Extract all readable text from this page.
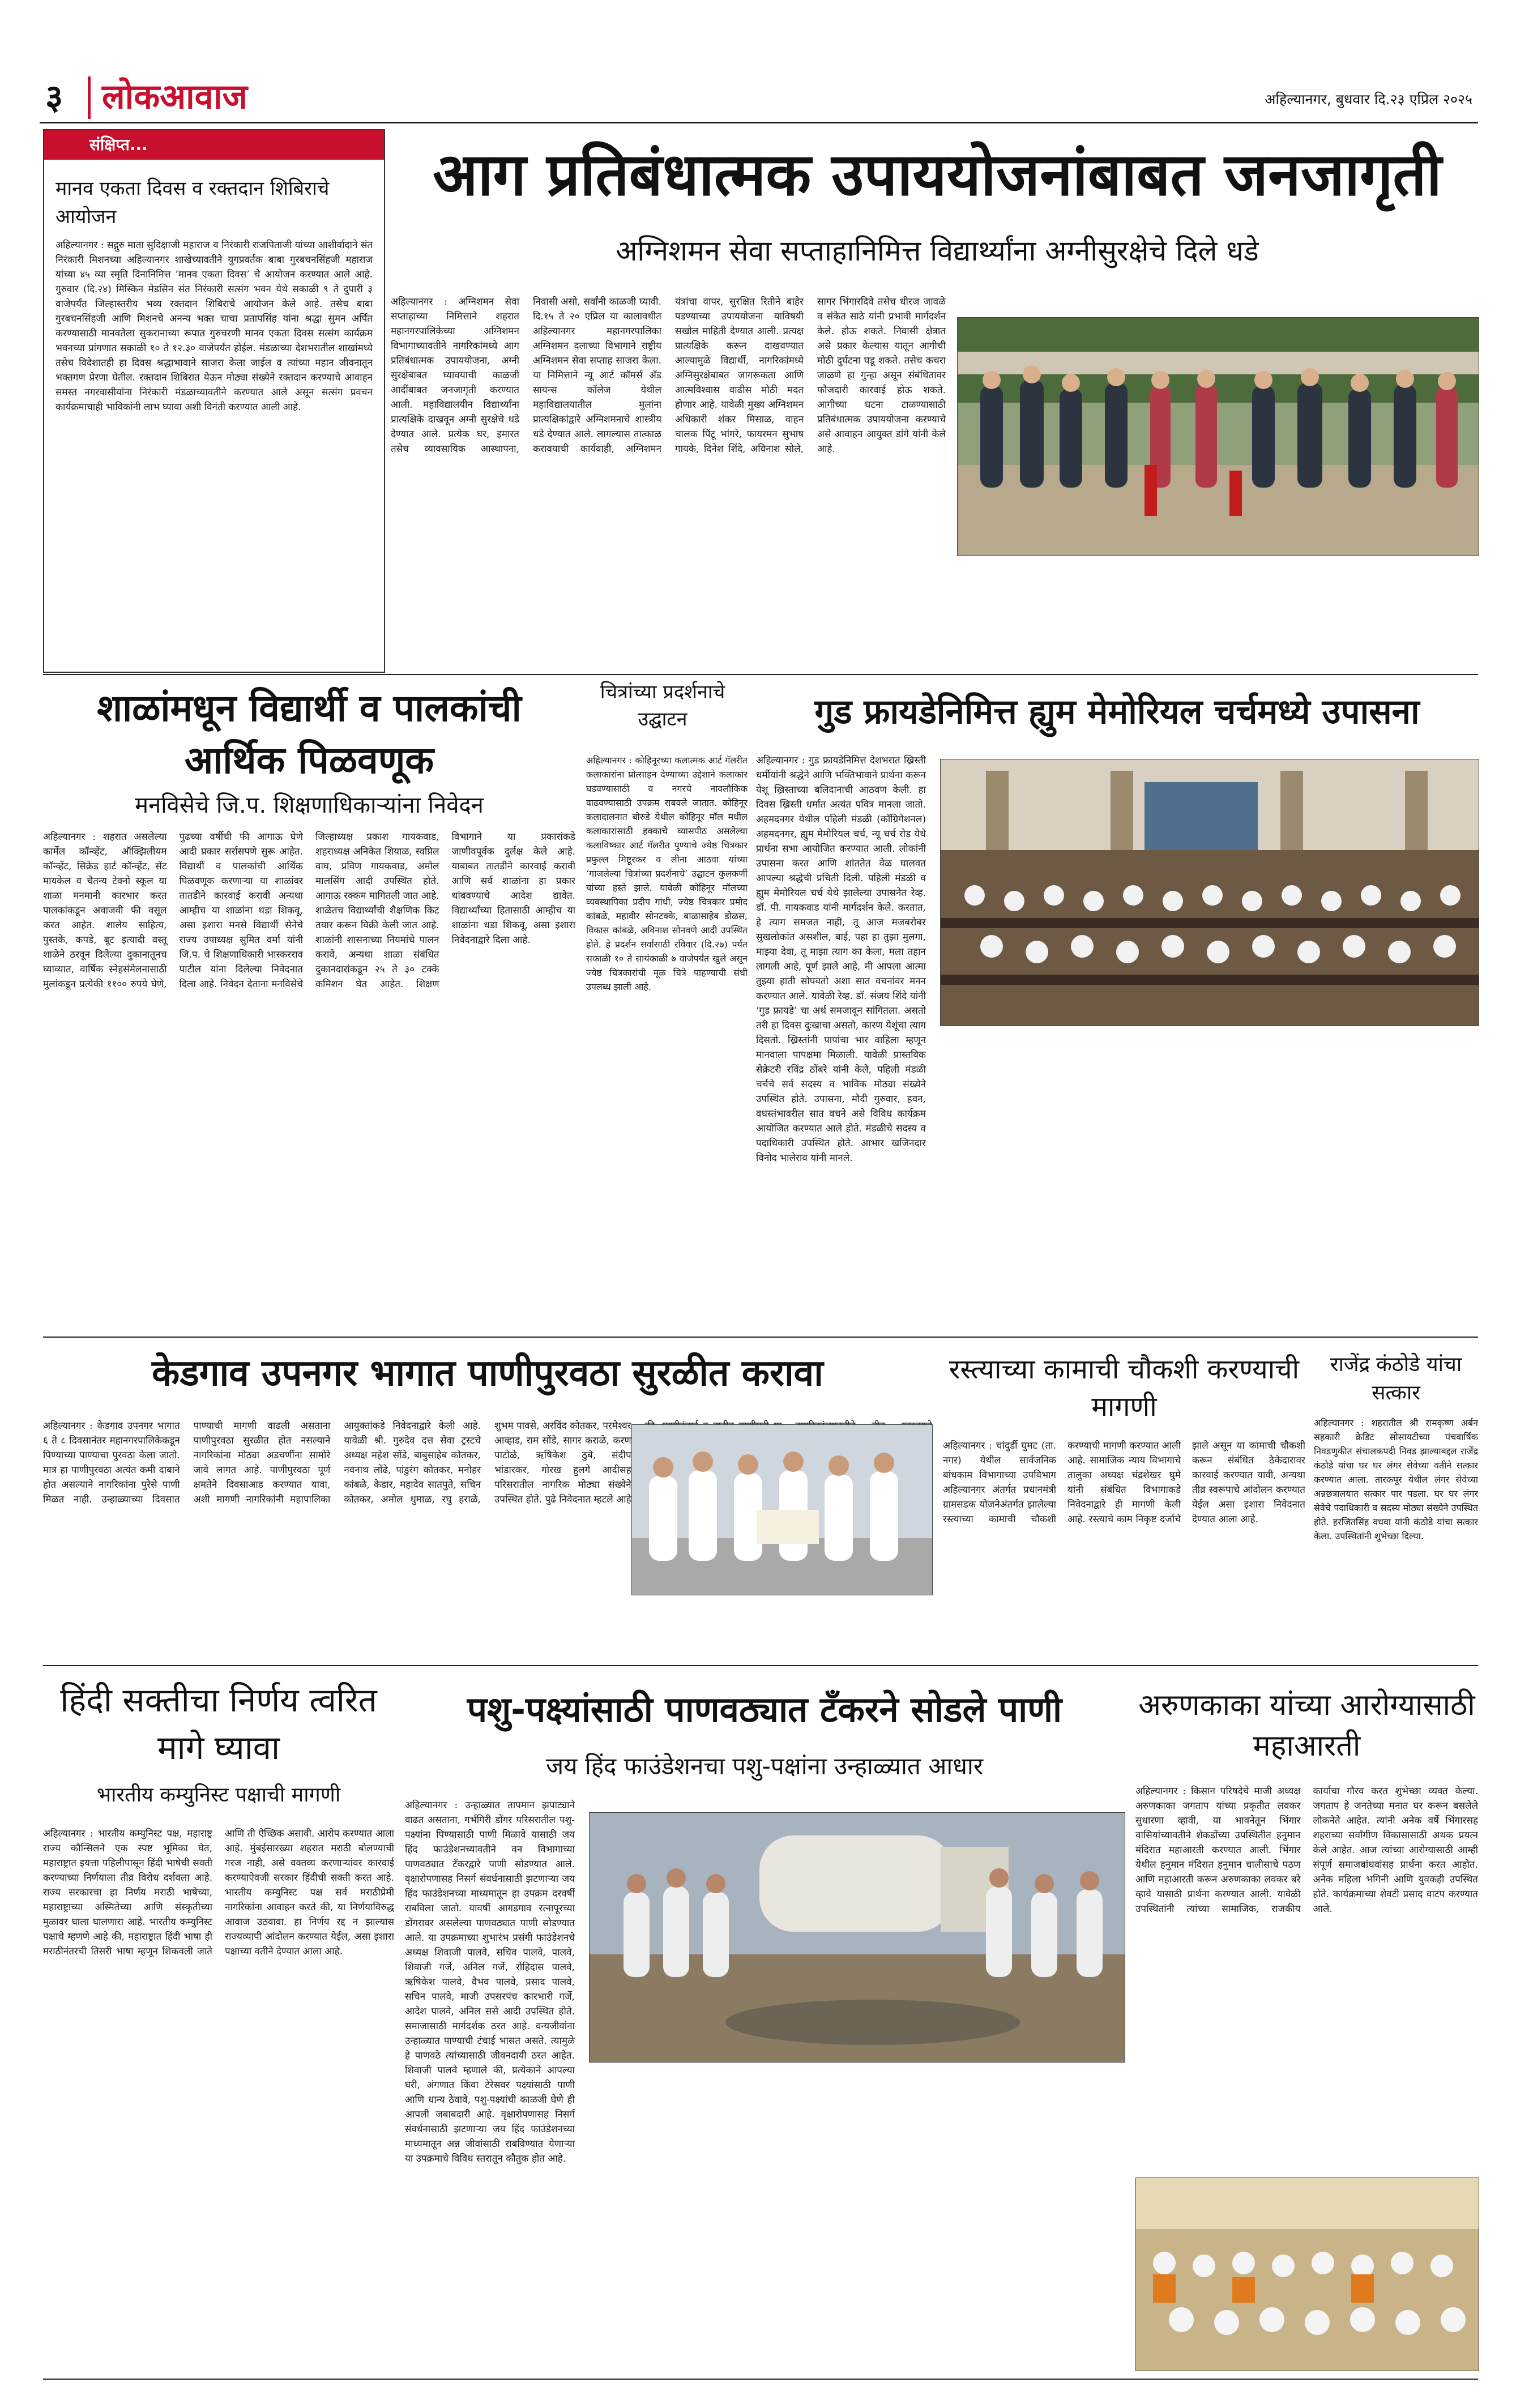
३ लोकआवाज	अहिल्यानगर, बुधवार दि.२३ एप्रिल २०२५
संक्षिप्त...
मानव एकता दिवस व रक्तदान शिबिराचे आयोजन
अहिल्यानगर : सद्गुरु माता सुदिक्षाजी महाराज व निरंकारी राजपिताजी यांच्या आशीर्वादाने संत निरंकारी मिशनच्या अहिल्यानगर शाखेच्यावतीने युगप्रवर्तक बाबा गुरबचनसिंहजी महाराज यांच्या ४५ व्या स्मृति दिनानिमित्त ‘मानव एकता दिवस’ चे आयोजन करण्यात आले आहे. गुरुवार (दि.२४) मिस्किन मेडसिन संत निरंकारी सत्संग भवन येथे सकाळी ९ ते दुपारी ३ वाजेपर्यंत जिल्हास्तरीय भव्य रक्तदान शिबिराचे आयोजन केले आहे. तसेच बाबा गुरबचनसिंहजी आणि मिशनचे अनन्य भक्त चाचा प्रतापसिंह यांना श्रद्धा सुमन अर्पित करण्यासाठी मानवतेला सुकरानाच्या रूपात गुरुचरणी मानव एकता दिवस सत्संग कार्यक्रम भवनच्या प्रांगणात सकाळी १० ते १२.३० वाजेपर्यंत होईल. मंडळाच्या देशभरातील शाखांमध्ये तसेच विदेशातही हा दिवस श्रद्धाभावाने साजरा केला जाईल व त्यांच्या महान जीवनातून भक्तगण प्रेरणा घेतील. रक्तदान शिबिरात येऊन मोठ्या संख्येने रक्तदान करण्याचे आवाहन समस्त नगरवासीयांना निरंकारी मंडळाच्यावतीने करण्यात आले असून सत्संग प्रवचन कार्यक्रमाचाही भाविकांनी लाभ घ्यावा अशी विनंती करण्यात आली आहे.
आग प्रतिबंधात्मक उपाययोजनांबाबत जनजागृती
अग्निशमन सेवा सप्ताहानिमित्त विद्यार्थ्यांना अग्नीसुरक्षेचे दिले धडे
अहिल्यानगर : अग्निशमन सेवा सप्ताहाच्या निमित्ताने शहरात महानगरपालिकेच्या अग्निशमन विभागाच्यावतीने नागरिकांमध्ये आग प्रतिबंधात्मक उपाययोजना, अग्नी सुरक्षेबाबत घ्यावयाची काळजी आदींबाबत जनजागृती करण्यात आली. महाविद्यालयीन विद्यार्थ्यांना प्रात्यक्षिके दाखवून अग्नी सुरक्षेचे धडे देण्यात आले. प्रत्येक घर, इमारत तसेच व्यावसायिक आस्थापना, निवासी असो, सर्वांनी काळजी घ्यावी. दि.१५ ते २० एप्रिल या कालावधीत अहिल्यानगर महानगरपालिका अग्निशमन दलाच्या विभागाने राष्ट्रीय अग्निशमन सेवा सप्ताह साजरा केला. या निमित्ताने न्यू आर्ट कॉमर्स अँड सायन्स कॉलेज येथील महाविद्यालयातील मुलांना प्रात्यक्षिकांद्वारे अग्निशमनाचे शास्त्रीय धडे देण्यात आले. लागल्यास तात्काळ करावयाची कार्यवाही, अग्निशमन यंत्रांचा वापर, सुरक्षित रितीने बाहेर पडण्याच्या उपाययोजना याविषयी सखोल माहिती देण्यात आली. प्रत्यक्ष प्रात्यक्षिके करून दाखवण्यात आल्यामुळे विद्यार्थी, नागरिकांमध्ये अग्निसुरक्षेबाबत जागरूकता आणि आत्मविश्वास वाढीस मोठी मदत होणार आहे. यावेळी मुख्य अग्निशमन अधिकारी शंकर मिसाळ, वाहन चालक पिंटू भांगरे, फायरमन सुभाष गायके, दिनेश शिंदे, अविनाश सोले, सागर भिंगारदिवे तसेच धीरज जावळे व संकेत साठे यांनी प्रभावी मार्गदर्शन केले. होऊ शकते. निवासी क्षेत्रात असे प्रकार केल्यास यातून आगीची मोठी दुर्घटना घडू शकते. तसेच कचरा जाळणे हा गुन्हा असून संबंधितावर फौजदारी कारवाई होऊ शकते. आगीच्या घटना टाळण्यासाठी प्रतिबंधात्मक उपाययोजना करण्याचे असे आवाहन आयुक्त डांगे यांनी केले आहे.
शाळांमधून विद्यार्थी व पालकांची आर्थिक पिळवणूक
मनविसेचे जि.प. शिक्षणाधिकाऱ्यांना निवेदन
अहिल्यानगर : शहरात असलेल्या कार्मेल कॉन्व्हेंट, ऑक्झिलीयम कॉन्व्हेंट, सिक्रेड हार्ट कॉन्व्हेंट, सेंट मायकेल व चैतन्य टेक्नो स्कूल या शाळा मनमानी कारभार करत पालकांकडून अवाजवी फी वसूल करत आहेत. शालेय साहित्य, पुस्तके, कपडे, बूट इत्यादी वस्तू शाळेने ठरवून दिलेल्या दुकानातूनच घ्याव्यात, वार्षिक स्नेहसंमेलनासाठी मुलांकडून प्रत्येकी ११०० रुपये घेणे, पुढच्या वर्षीची फी आगाऊ घेणे आदी प्रकार सर्रासपणे सुरू आहेत. विद्यार्थी व पालकांची आर्थिक पिळवणूक करणाऱ्या या शाळांवर तातडीने कारवाई करावी अन्यथा आम्हीच या शाळांना धडा शिकवू, असा इशारा मनसे विद्यार्थी सेनेचे राज्य उपाध्यक्ष सुमित वर्मा यांनी जि.प. चे शिक्षणाधिकारी भास्करराव पाटील यांना दिलेल्या निवेदनात दिला आहे. निवेदन देताना मनविसेचे जिल्हाध्यक्ष प्रकाश गायकवाड, शहराध्यक्ष अनिकेत शियाळ, स्वप्निल वाघ, प्रविण गायकवाड, अमोल मालसिंग आदी उपस्थित होते. आगाऊ रक्कम मागितली जात आहे. शाळेतच विद्यार्थ्यांची शैक्षणिक किट तयार करून विक्री केली जात आहे. शाळांनी शासनाच्या नियमांचे पालन करावे, अन्यथा शाळा संबंधित दुकानदारांकडून २५ ते ३० टक्के कमिशन घेत आहेत. शिक्षण विभागाने या प्रकारांकडे जाणीवपूर्वक दुर्लक्ष केले आहे. याबाबत तातडीने कारवाई करावी आणि सर्व शाळांना हा प्रकार थांबवण्याचे आदेश द्यावेत. विद्यार्थ्यांच्या हितासाठी आम्हीच या शाळांना धडा शिकवू, असा इशारा निवेदनाद्वारे दिला आहे.
चित्रांच्या प्रदर्शनाचे उद्घाटन
अहिल्यानगर : कोहिनूरच्या कलात्मक आर्ट गॅलरीत कलाकारांना प्रोत्साहन देण्याच्या उद्देशाने कलाकार घडवण्यासाठी व नगरचे नावलौकिक वाढवण्यासाठी उपक्रम राबवले जातात. कोहिनूर कलादालनात बोरुडे येथील कोहिनूर मॉल मधील कलाकारांसाठी हक्काचे व्यासपीठ असलेल्या कलाविष्कार आर्ट गॅलरीत पुण्याचे ज्येष्ठ चित्रकार प्रफुल्ल मिष्टूरकर व लीना आठवा यांच्या ‘गाजलेल्या चित्रांच्या प्रदर्शनाचे’ उद्घाटन कुलकर्णी यांच्या हस्ते झाले. यावेळी कोहिनूर मॉलच्या व्यवस्थापिका प्रदीप गांधी, ज्येष्ठ चित्रकार प्रमोद कांबळे, महावीर सोनटक्के, बाळासाहेब डोळस, विकास कांबळे, अविनाश सोनवणे आदी उपस्थित होते. हे प्रदर्शन सर्वांसाठी रविवार (दि.२७) पर्यंत सकाळी १० ते सायंकाळी ७ वाजेपर्यंत खुले असून ज्येष्ठ चित्रकारांची मूळ चित्रे पाहण्याची संधी उपलब्ध झाली आहे.
गुड फ्रायडेनिमित्त ह्युम मेमोरियल चर्चमध्ये उपासना
अहिल्यानगर : गुड फ्रायडेनिमित्त देशभरात ख्रिस्ती धर्मीयांनी श्रद्धेने आणि भक्तिभावाने प्रार्थना करून येशू ख्रिस्ताच्या बलिदानाची आठवण केली. हा दिवस ख्रिस्ती धर्मात अत्यंत पवित्र मानला जातो. अहमदनगर येथील पहिली मंडळी (कॉंग्रिगेशनल) अहमदनगर, ह्युम मेमोरियल चर्च, न्यू चर्च रोड येथे प्रार्थना सभा आयोजित करण्यात आली. लोकांनी उपासना करत आणि शांततेत वेळ घालवत आपल्या श्रद्धेची प्रचिती दिली. पहिली मंडळी व ह्युम मेमोरियल चर्च येथे झालेल्या उपासनेत रेव्ह. डॉ. पी. गायकवाड यांनी मार्गदर्शन केले. करतात, हे त्याग समजत नाही, तू आज मजबरोबर सुखलोकांत असशील, बाई, पहा हा तुझा मुलगा, माझ्या देवा, तू माझा त्याग का केला, मला तहान लागली आहे, पूर्ण झाले आहे, मी आपला आत्मा तुझ्या हाती सोपवतो अशा सात वचनांवर मनन करण्यात आले. यावेळी रेव्ह. डॉ. संजय शिंदे यांनी ‘गुड फ्रायडे’ चा अर्थ समजावून सांगितला. असतो तरी हा दिवस दुःखाचा असतो, कारण येशूंचा त्याग दिसतो. ख्रिस्तांनी पापांचा भार वाहिला म्हणून मानवाला पापक्षमा मिळाली. यावेळी प्रास्तविक सेक्रेटरी रविंद्र ठोंबरे यांनी केले, पहिली मंडळी चर्चचे सर्व सदस्य व भाविक मोठ्या संख्येने उपस्थित होते. उपासना, मौदी गुरुवार, हवन, वधस्तंभावरील सात वचने असे विविध कार्यक्रम आयोजित करण्यात आले होते. मंडळीचे सदस्य व पदाधिकारी उपस्थित होते. आभार खजिनदार विनोद भालेराव यांनी मानले.
केडगाव उपनगर भागात पाणीपुरवठा सुरळीत करावा
अहिल्यानगर : केडगाव उपनगर भागात ६ ते ८ दिवसानंतर महानगरपालिकेकडून पिण्याच्या पाण्याचा पुरवठा केला जातो. मात्र हा पाणीपुरवठा अत्यंत कमी दाबाने होत असल्याने नागरिकांना पुरेसे पाणी मिळत नाही. उन्हाळ्याच्या दिवसात पाण्याची मागणी वाढली असताना पाणीपुरवठा सुरळीत होत नसल्याने नागरिकांना मोठ्या अडचणींना सामोरे जावे लागत आहे. पाणीपुरवठा पूर्ण क्षमतेने दिवसाआड करण्यात यावा, अशी मागणी नागरिकांनी महापालिका आयुक्तांकडे निवेदनाद्वारे केली आहे. यावेळी श्री. गुरुदेव दत्त सेवा ट्रस्टचे अध्यक्ष महेश सोंडे, बाबुसाहेब कोतकर, नवनाथ लोंढे, पांडुरंग कोतकर, मनोहर कांबळे, केडार, महादेव सातपुते, सचिन कोतकर, अमोल धुमाळ, रघु हराळे, शुभम पावसे, अरविंद कोतकर, परमेश्वर आव्हाड, राम सोंडे, सागर कराळे, करण पाटोळे, ऋषिकेश ठुबे, संदीप भांडारकर, गोरख हुलगे आदीसह परिसरातील नागरिक मोठ्या संख्येने उपस्थित होते. पुढे निवेदनात म्हटले आहे
रस्त्याच्या कामाची चौकशी करण्याची मागणी
अहिल्यानगर : चांदुर्डी घुमट (ता. नगर) येथील सार्वजनिक बांधकाम विभागाच्या उपविभाग अहिल्यानगर अंतर्गत प्रधानमंत्री ग्रामसडक योजनेअंतर्गत झालेल्या रस्त्याच्या कामाची चौकशी करण्याची मागणी करण्यात आली आहे. सामाजिक न्याय विभागाचे तालुका अध्यक्ष चंद्रशेखर घुमे यांनी संबंधित विभागाकडे निवेदनाद्वारे ही मागणी केली आहे. रस्त्याचे काम निकृष्ट दर्जाचे झाले असून या कामाची चौकशी करून संबंधित ठेकेदारावर कारवाई करण्यात यावी, अन्यथा तीव्र स्वरूपाचे आंदोलन करण्यात येईल असा इशारा निवेदनात देण्यात आला आहे.
राजेंद्र कंठोडे यांचा सत्कार
अहिल्यानगर : शहरातील श्री रामकृष्ण अर्बन सहकारी क्रेडिट सोसायटीच्या पंचवार्षिक निवडणुकीत संचालकपदी निवड झाल्याबद्दल राजेंद्र कंठोडे यांचा घर घर लंगर सेवेच्या वतीने सत्कार करण्यात आला. तारकपूर येथील लंगर सेवेच्या अन्नछत्रालयात सत्कार पार पडला. घर घर लंगर सेवेचे पदाधिकारी व सदस्य मोठ्या संख्येने उपस्थित होते. हरजितसिंह वधवा यांनी कंठोडे यांचा सत्कार केला. उपस्थितांनी शुभेच्छा दिल्या.
हिंदी सक्तीचा निर्णय त्वरित मागे घ्यावा
भारतीय कम्युनिस्ट पक्षाची मागणी
अहिल्यानगर : भारतीय कम्युनिस्ट पक्ष, महाराष्ट्र राज्य कौन्सिलने एक स्पष्ट भूमिका घेत, महाराष्ट्रात इयत्ता पहिलीपासून हिंदी भाषेची सक्ती करण्याच्या निर्णयाला तीव्र विरोध दर्शवला आहे. राज्य सरकारचा हा निर्णय मराठी भाषेच्या, महाराष्ट्राच्या अस्मितेच्या आणि संस्कृतीच्या मुळावर घाला घालणारा आहे. भारतीय कम्युनिस्ट पक्षाचे म्हणणे आहे की, महाराष्ट्रात हिंदी भाषा ही मराठीनंतरची तिसरी भाषा म्हणून शिकवली जाते आणि ती ऐच्छिक असावी. आरोप करण्यात आला आहे. मुंबईसारख्या शहरात मराठी बोलण्याची गरज नाही, असे वक्तव्य करणाऱ्यांवर कारवाई करण्याऐवजी सरकार हिंदीची सक्ती करत आहे. भारतीय कम्युनिस्ट पक्ष सर्व मराठीप्रेमी नागरिकांना आवाहन करते की, या निर्णयाविरुद्ध आवाज उठवावा. हा निर्णय रद्द न झाल्यास राज्यव्यापी आंदोलन करण्यात येईल, असा इशारा पक्षाच्या वतीने देण्यात आला आहे.
पशु-पक्ष्यांसाठी पाणवठ्यात टँकरने सोडले पाणी
जय हिंद फाउंडेशनचा पशु-पक्षांना उन्हाळ्यात आधार
अहिल्यानगर : उन्हाळ्यात तापमान झपाट्याने वाढत असताना, गर्भगिरी डोंगर परिसरातील पशु-पक्ष्यांना पिण्यासाठी पाणी मिळावे यासाठी जय हिंद फाउंडेशनच्यावतीने वन विभागाच्या पाणवठ्यात टँकरद्वारे पाणी सोडण्यात आले. वृक्षारोपणासह निसर्ग संवर्धनासाठी झटणाऱ्या जय हिंद फाउंडेशनच्या माध्यमातून हा उपक्रम दरवर्षी राबविला जातो. यावर्षी आगडगाव रत्नापूरच्या डोंगरावर असलेल्या पाणवठ्यात पाणी सोडण्यात आले. या उपक्रमाच्या शुभारंभ प्रसंगी फाउंडेशनचे अध्यक्ष शिवाजी पालवे, सचिव पालवे, पालवे, शिवाजी गर्जे, अनिल गर्जे, रोहिदास पालवे, ऋषिकेश पालवे, वैभव पालवे, प्रसाद पालवे, सचिन पालवे, माजी उपसरपंच कारभारी गर्जे, आदेश पालवे, अनिल ससे आदी उपस्थित होते. समाजासाठी मार्गदर्शक ठरत आहे. वन्यजीवांना उन्हाळ्यात पाण्याची टंचाई भासत असते. त्यामुळे हे पाणवठे त्यांच्यासाठी जीवनदायी ठरत आहेत. शिवाजी पालवे म्हणाले की, प्रत्येकाने आपल्या घरी, अंगणात किंवा टेरेसवर पक्ष्यांसाठी पाणी आणि धान्य ठेवावे, पशु-पक्ष्यांची काळजी घेणे ही आपली जबाबदारी आहे. वृक्षारोपणासह निसर्ग संवर्धनासाठी झटणाऱ्या जय हिंद फाउंडेशनच्या माध्यमातून अन्न जीवांसाठी राबविण्यात येणाऱ्या या उपक्रमाचे विविध स्तरातून कौतुक होत आहे.
अरुणकाका यांच्या आरोग्यासाठी महाआरती
अहिल्यानगर : किसान परिषदेचे माजी अध्यक्ष अरुणकाका जगताप यांच्या प्रकृतीत लवकर सुधारणा व्हावी, या भावनेतून भिंगार वासियांच्यावतीने शेकडोंच्या उपस्थितीत हनुमान मंदिरात महाआरती करण्यात आली. भिंगार येथील हनुमान मंदिरात हनुमान चालीसाचे पठण आणि महाआरती करून अरुणकाका लवकर बरे व्हावे यासाठी प्रार्थना करण्यात आली. यावेळी उपस्थितांनी त्यांच्या सामाजिक, राजकीय कार्याचा गौरव करत शुभेच्छा व्यक्त केल्या. जगताप हे जनतेच्या मनात घर करून बसलेले लोकनेते आहेत. त्यांनी अनेक वर्षे भिंगारसह शहराच्या सर्वांगीण विकासासाठी अथक प्रयत्न केले आहेत. आज त्यांच्या आरोग्यासाठी आम्ही संपूर्ण समाजबांधवांसह प्रार्थना करत आहोत. अनेक महिला भगिनी आणि युवकही उपस्थित होते. कार्यक्रमाच्या शेवटी प्रसाद वाटप करण्यात आले.
